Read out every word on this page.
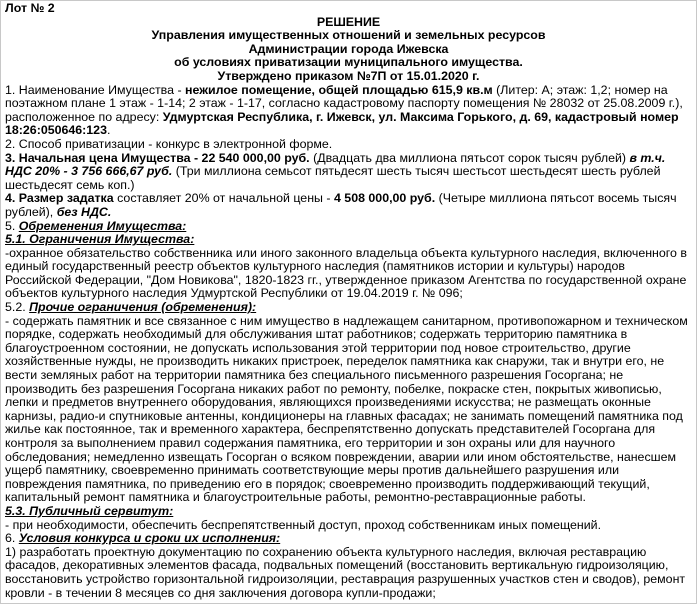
Лот № 2
РЕШЕНИЕ
Управления имущественных отношений и земельных ресурсов
Администрации города Ижевска
об условиях приватизации муниципального имущества.
Утверждено приказом №7П от 15.01.2020 г.

1. Наименование Имущества - нежилое помещение, общей площадью 615,9 кв.м (Литер: А; этаж: 1,2; номер на поэтажном плане 1 этаж - 1-14; 2 этаж - 1-17, согласно кадастровому паспорту помещения № 28032 от 25.08.2009 г.), расположенное по адресу: Удмуртская Республика, г. Ижевск, ул. Максима Горького, д. 69, кадастровый номер 18:26:050646:123.

2. Способ приватизации - конкурс в электронной форме.

3. Начальная цена Имущества - 22 540 000,00 руб. (Двадцать два миллиона пятьсот сорок тысяч рублей) в т.ч. НДС 20% - 3 756 666,67 руб. (Три миллиона семьсот пятьдесят шесть тысяч шестьсот шестьдесят шесть рублей шестьдесят семь коп.)

4. Размер задатка составляет 20% от начальной цены - 4 508 000,00 руб. (Четыре миллиона пятьсот восемь тысяч рублей), без НДС.

5. Обременения Имущества:

5.1. Ограничения Имущества:

-охранное обязательство собственника или иного законного владельца объекта культурного наследия, включенного в единый государственный реестр объектов культурного наследия (памятников истории и культуры) народов Российской Федерации, "Дом Новикова", 1820-1823 гг., утвержденное приказом Агентства по государственной охране объектов культурного наследия Удмуртской Республики от 19.04.2019 г. № 096;

5.2. Прочие ограничения (обременения):

- содержать памятник и все связанное с ним имущество в надлежащем санитарном, противопожарном и техническом порядке, содержать необходимый для обслуживания штат работников; содержать территорию памятника в благоустроенном состоянии, не допускать использования этой территории под новое строительство, другие хозяйственные нужды, не производить никаких пристроек, переделок памятника как снаружи, так и внутри его, не вести земляных работ на территории памятника без специального письменного разрешения Госоргана; не производить без разрешения Госоргана никаких работ по ремонту, побелке, покраске стен, покрытых живописью, лепки и предметов внутреннего оборудования, являющихся произведениями искусства; не размещать оконные карнизы, радио-и спутниковые антенны, кондиционеры на главных фасадах; не занимать помещений памятника под жилье как постоянное, так и временного характера, беспрепятственно допускать представителей Госоргана для контроля за выполнением правил содержания памятника, его территории и зон охраны или для научного обследования; немедленно извещать Госорган о всяком повреждении, аварии или ином обстоятельстве, нанесшем ущерб памятнику, своевременно принимать соответствующие меры против дальнейшего разрушения или повреждения памятника, по приведению его в порядок; своевременно производить поддерживающий текущий, капитальный ремонт памятника и благоустроительные работы, ремонтно-реставрационные работы.

5.3. Публичный сервитут:

- при необходимости, обеспечить беспрепятственный доступ, проход собственникам иных помещений.

6. Условия конкурса и сроки их исполнения:

1) разработать проектную документацию по сохранению объекта культурного наследия, включая реставрацию фасадов, декоративных элементов фасада, подвальных помещений (восстановить вертикальную гидроизоляцию, восстановить устройство горизонтальной гидроизоляции, реставрация разрушенных участков стен и сводов), ремонт кровли - в течении 8 месяцев со дня заключения договора купли-продажи;
